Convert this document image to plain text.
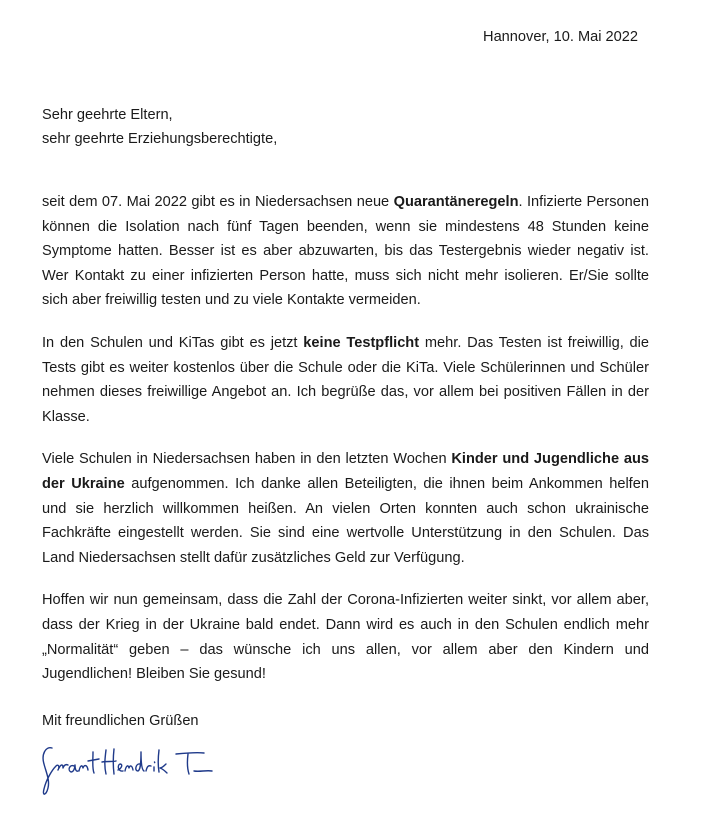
Hannover, 10. Mai 2022
Sehr geehrte Eltern,
sehr geehrte Erziehungsberechtigte,

seit dem 07. Mai 2022 gibt es in Niedersachsen neue Quarantäneregeln. Infizierte Personen können die Isolation nach fünf Tagen beenden, wenn sie mindestens 48 Stunden keine Symptome hatten. Besser ist es aber abzuwarten, bis das Testergebnis wieder negativ ist. Wer Kontakt zu einer infizierten Person hatte, muss sich nicht mehr isolieren. Er/Sie sollte sich aber freiwillig testen und zu viele Kontakte vermeiden.

In den Schulen und KiTas gibt es jetzt keine Testpflicht mehr. Das Testen ist freiwillig, die Tests gibt es weiter kostenlos über die Schule oder die KiTa. Viele Schülerinnen und Schüler nehmen dieses freiwillige Angebot an. Ich begrüße das, vor allem bei positiven Fällen in der Klasse.

Viele Schulen in Niedersachsen haben in den letzten Wochen Kinder und Jugendliche aus der Ukraine aufgenommen. Ich danke allen Beteiligten, die ihnen beim Ankommen helfen und sie herzlich willkommen heißen. An vielen Orten konnten auch schon ukrainische Fachkräfte eingestellt werden. Sie sind eine wertvolle Unterstützung in den Schulen. Das Land Niedersachsen stellt dafür zusätzliches Geld zur Verfügung.

Hoffen wir nun gemeinsam, dass die Zahl der Corona-Infizierten weiter sinkt, vor allem aber, dass der Krieg in der Ukraine bald endet. Dann wird es auch in den Schulen endlich mehr „Normalität“ geben – das wünsche ich uns allen, vor allem aber den Kindern und Jugendlichen! Bleiben Sie gesund!

Mit freundlichen Grüßen
